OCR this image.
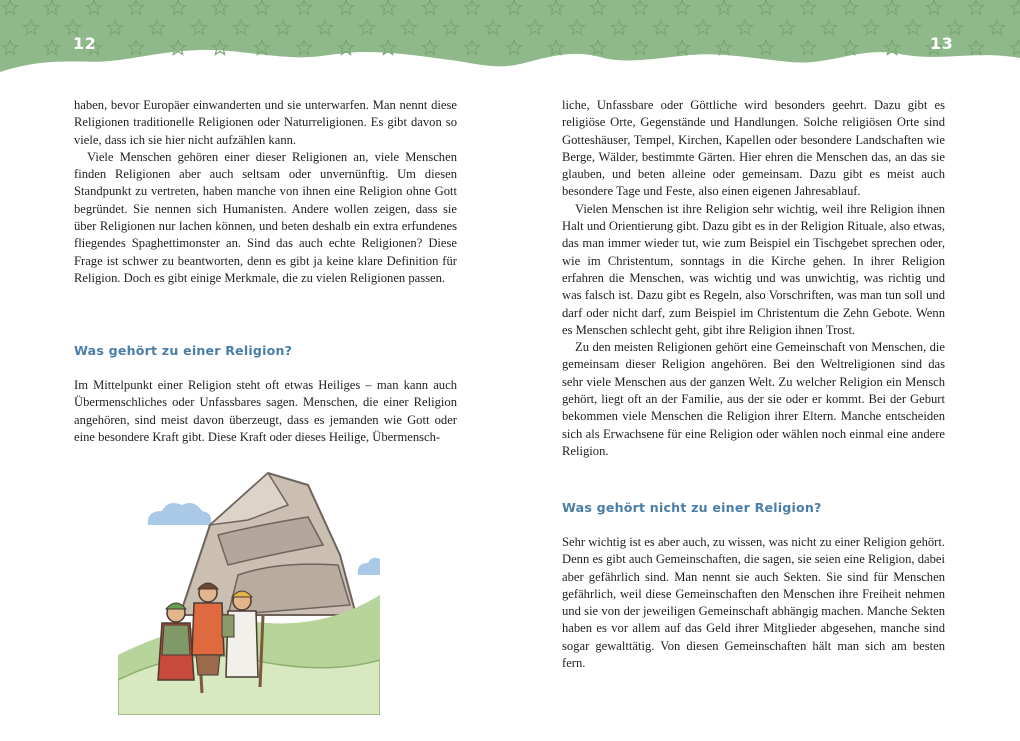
12	13

haben, bevor Europäer einwanderten und sie unterwarfen. Man nennt diese Religionen traditionelle Religionen oder Naturreligionen. Es gibt davon so viele, dass ich sie hier nicht aufzählen kann.

Viele Menschen gehören einer dieser Religionen an, viele Menschen finden Religionen aber auch seltsam oder unvernünftig. Um diesen Standpunkt zu vertreten, haben manche von ihnen eine Religion ohne Gott begründet. Sie nennen sich Humanisten. Andere wollen zeigen, dass sie über Religionen nur lachen können, und beten deshalb ein extra erfundenes fliegendes Spaghettimonster an. Sind das auch echte Religionen? Diese Frage ist schwer zu beantworten, denn es gibt ja keine klare Definition für Religion. Doch es gibt einige Merkmale, die zu vielen Religionen passen.

Was gehört zu einer Religion?

Im Mittelpunkt einer Religion steht oft etwas Heiliges – man kann auch Übermenschliches oder Unfassbares sagen. Menschen, die einer Religion angehören, sind meist davon überzeugt, dass es jemanden wie Gott oder eine besondere Kraft gibt. Diese Kraft oder dieses Heilige, Übermensch-

liche, Unfassbare oder Göttliche wird besonders geehrt. Dazu gibt es religiöse Orte, Gegenstände und Handlungen. Solche religiösen Orte sind Gotteshäuser, Tempel, Kirchen, Kapellen oder besondere Landschaften wie Berge, Wälder, bestimmte Gärten. Hier ehren die Menschen das, an das sie glauben, und beten alleine oder gemeinsam. Dazu gibt es meist auch besondere Tage und Feste, also einen eigenen Jahresablauf.

Vielen Menschen ist ihre Religion sehr wichtig, weil ihre Religion ihnen Halt und Orientierung gibt. Dazu gibt es in der Religion Rituale, also etwas, das man immer wieder tut, wie zum Beispiel ein Tischgebet sprechen oder, wie im Christentum, sonntags in die Kirche gehen. In ihrer Religion erfahren die Menschen, was wichtig und was unwichtig, was richtig und was falsch ist. Dazu gibt es Regeln, also Vorschriften, was man tun soll und darf oder nicht darf, zum Beispiel im Christentum die Zehn Gebote. Wenn es Menschen schlecht geht, gibt ihre Religion ihnen Trost.

Zu den meisten Religionen gehört eine Gemeinschaft von Menschen, die gemeinsam dieser Religion angehören. Bei den Weltreligionen sind das sehr viele Menschen aus der ganzen Welt. Zu welcher Religion ein Mensch gehört, liegt oft an der Familie, aus der sie oder er kommt. Bei der Geburt bekommen viele Menschen die Religion ihrer Eltern. Manche entscheiden sich als Erwachsene für eine Religion oder wählen noch einmal eine andere Religion.

Was gehört nicht zu einer Religion?

Sehr wichtig ist es aber auch, zu wissen, was nicht zu einer Religion gehört. Denn es gibt auch Gemeinschaften, die sagen, sie seien eine Religion, dabei aber gefährlich sind. Man nennt sie auch Sekten. Sie sind für Menschen gefährlich, weil diese Gemeinschaften den Menschen ihre Freiheit nehmen und sie von der jeweiligen Gemeinschaft abhängig machen. Manche Sekten haben es vor allem auf das Geld ihrer Mitglieder abgesehen, manche sind sogar gewalttätig. Von diesen Gemeinschaften hält man sich am besten fern.
